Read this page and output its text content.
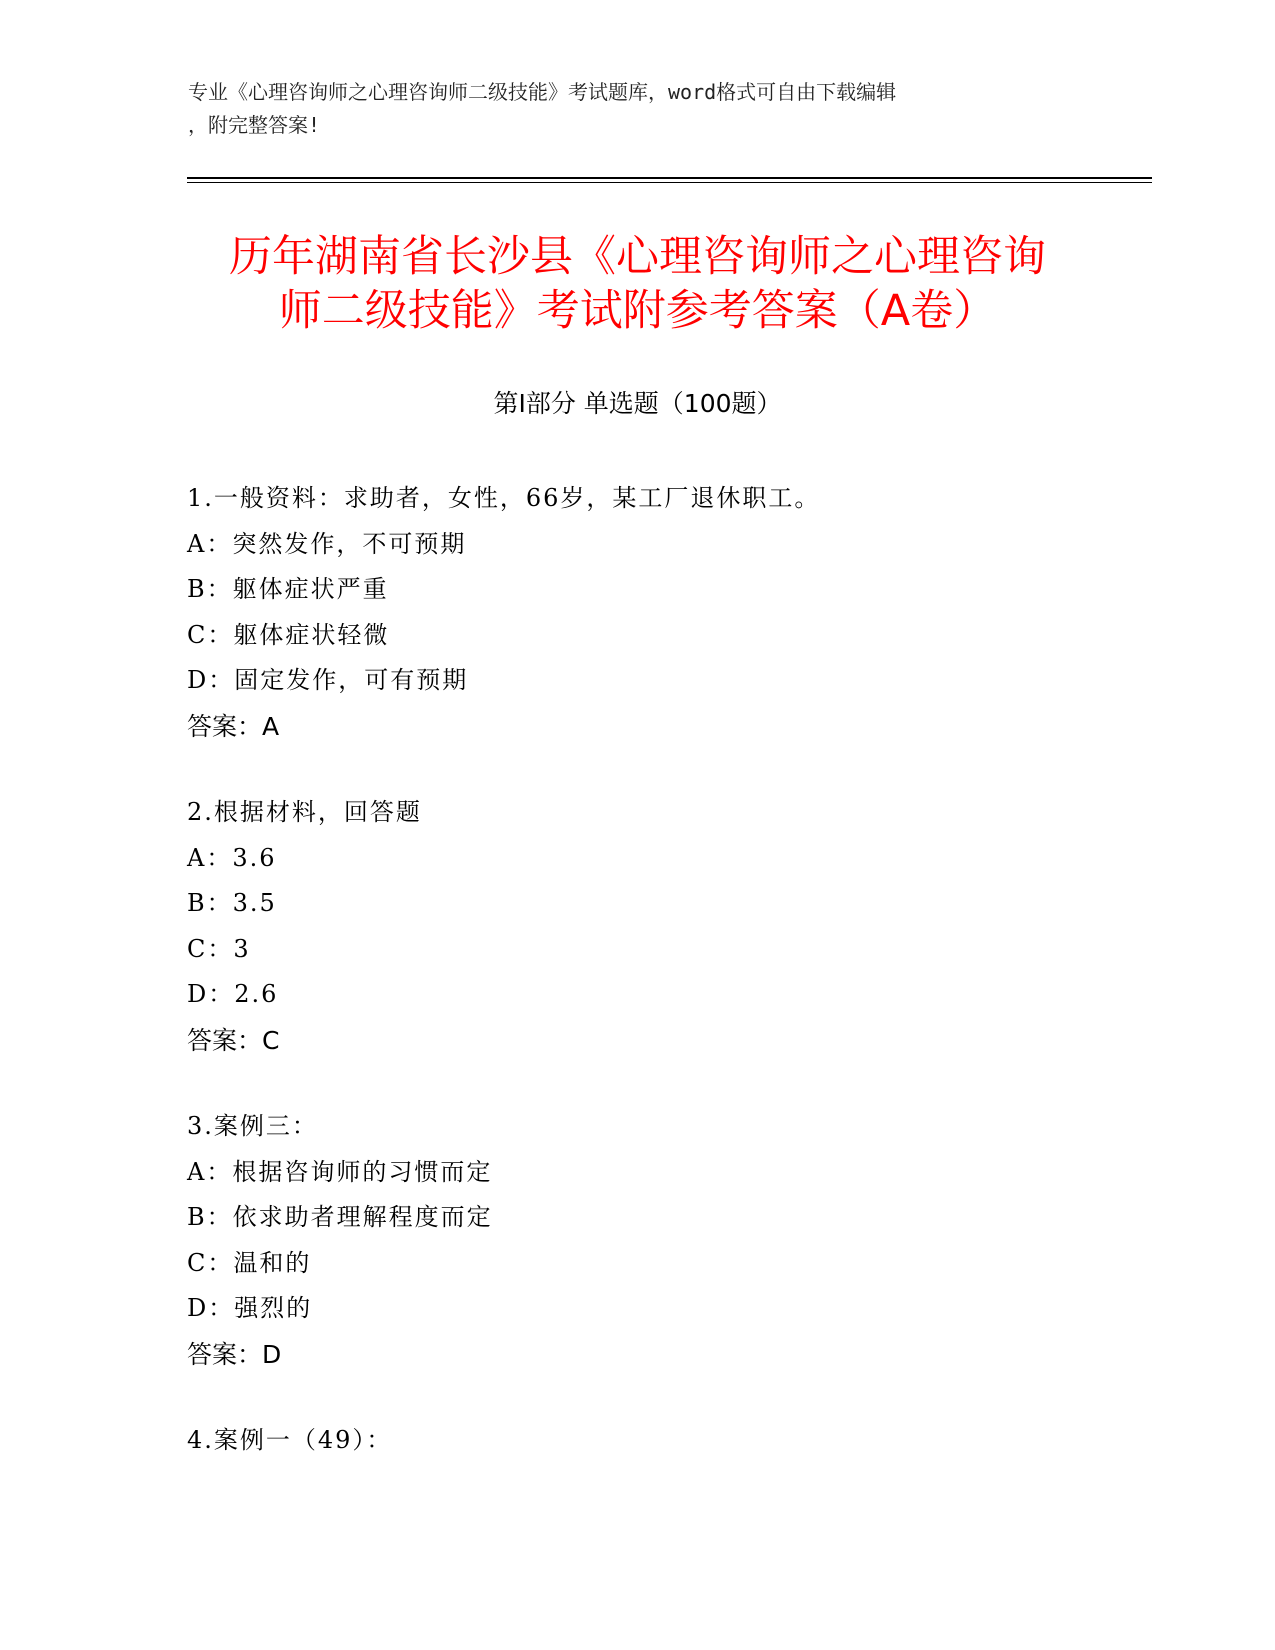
专业《心理咨询师之心理咨询师二级技能》考试题库，word格式可自由下载编辑
，附完整答案!
历年湖南省长沙县《心理咨询师之心理咨询
师二级技能》考试附参考答案（A卷）
第Ⅰ部分 单选题（100题）
1.一般资料：求助者，女性，66岁，某工厂退休职工。
A：突然发作，不可预期
B：躯体症状严重
C：躯体症状轻微
D：固定发作，可有预期
答案：A
2.根据材料，回答题
A：3.6
B：3.5
C：3
D：2.6
答案：C
3.案例三：
A：根据咨询师的习惯而定
B：依求助者理解程度而定
C：温和的
D：强烈的
答案：D
4.案例一（49）：
